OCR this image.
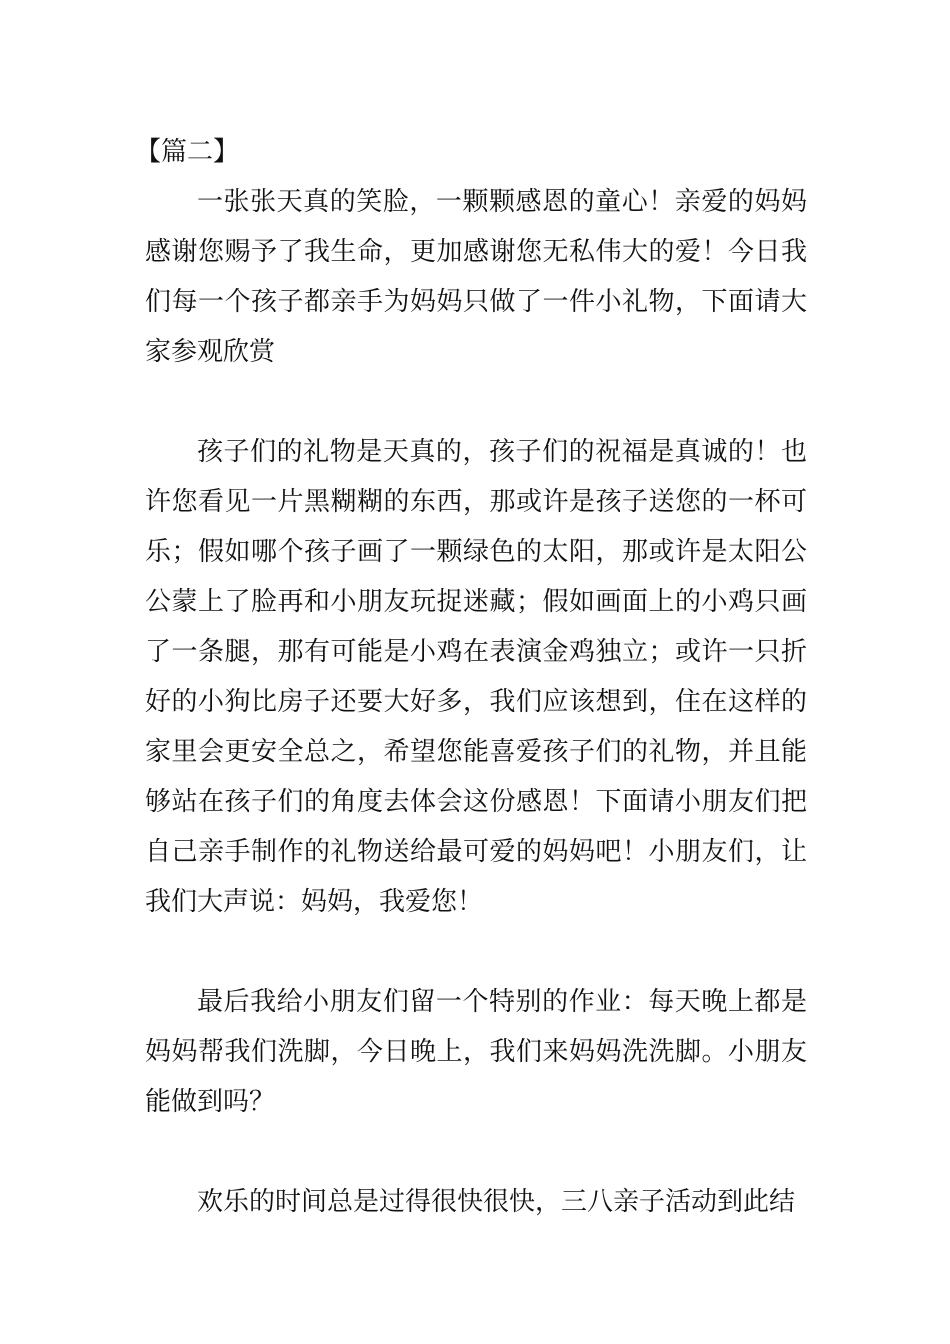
【篇二】

一张张天真的笑脸，一颗颗感恩的童心！亲爱的妈妈感谢您赐予了我生命，更加感谢您无私伟大的爱！今日我们每一个孩子都亲手为妈妈只做了一件小礼物，下面请大家参观欣赏

孩子们的礼物是天真的，孩子们的祝福是真诚的！也许您看见一片黑糊糊的东西，那或许是孩子送您的一杯可乐；假如哪个孩子画了一颗绿色的太阳，那或许是太阳公公蒙上了脸再和小朋友玩捉迷藏；假如画面上的小鸡只画了一条腿，那有可能是小鸡在表演金鸡独立；或许一只折好的小狗比房子还要大好多，我们应该想到，住在这样的家里会更安全总之，希望您能喜爱孩子们的礼物，并且能够站在孩子们的角度去体会这份感恩！下面请小朋友们把自己亲手制作的礼物送给最可爱的妈妈吧！小朋友们，让我们大声说：妈妈，我爱您！

最后我给小朋友们留一个特别的作业：每天晚上都是妈妈帮我们洗脚，今日晚上，我们来妈妈洗洗脚。小朋友能做到吗？

欢乐的时间总是过得很快很快，三八亲子活动到此结
